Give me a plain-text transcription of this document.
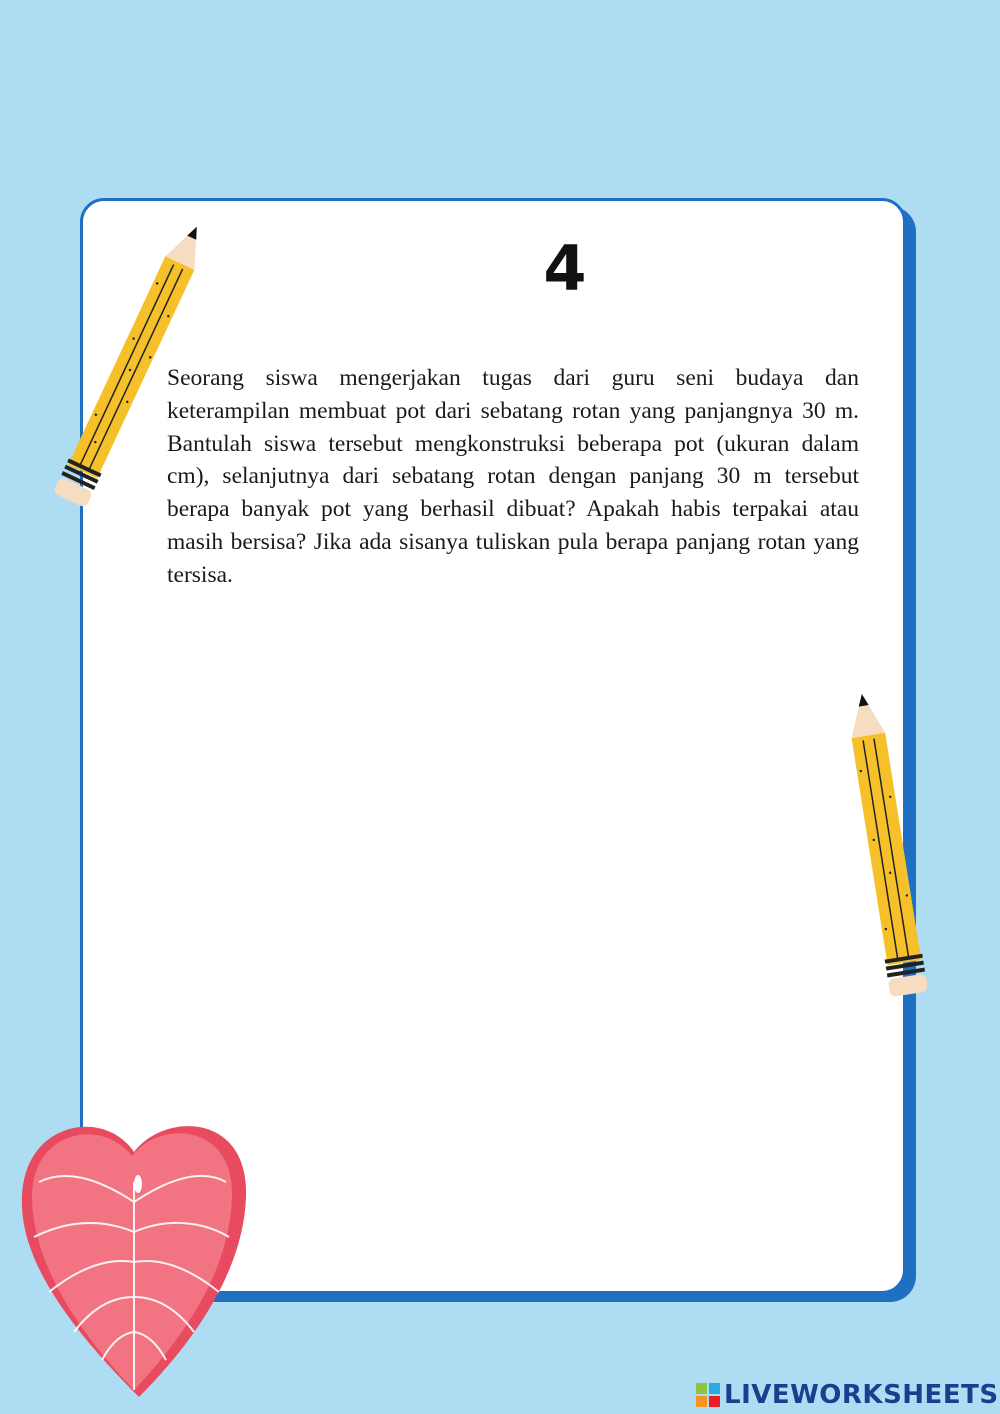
4

Seorang siswa mengerjakan tugas dari guru seni budaya dan keterampilan membuat pot dari sebatang rotan yang panjangnya 30 m. Bantulah siswa tersebut mengkonstruksi beberapa pot (ukuran dalam cm), selanjutnya dari sebatang rotan dengan panjang 30 m tersebut berapa banyak pot yang berhasil dibuat? Apakah habis terpakai atau masih bersisa? Jika ada sisanya tuliskan pula berapa panjang rotan yang tersisa.

LIVEWORKSHEETS
